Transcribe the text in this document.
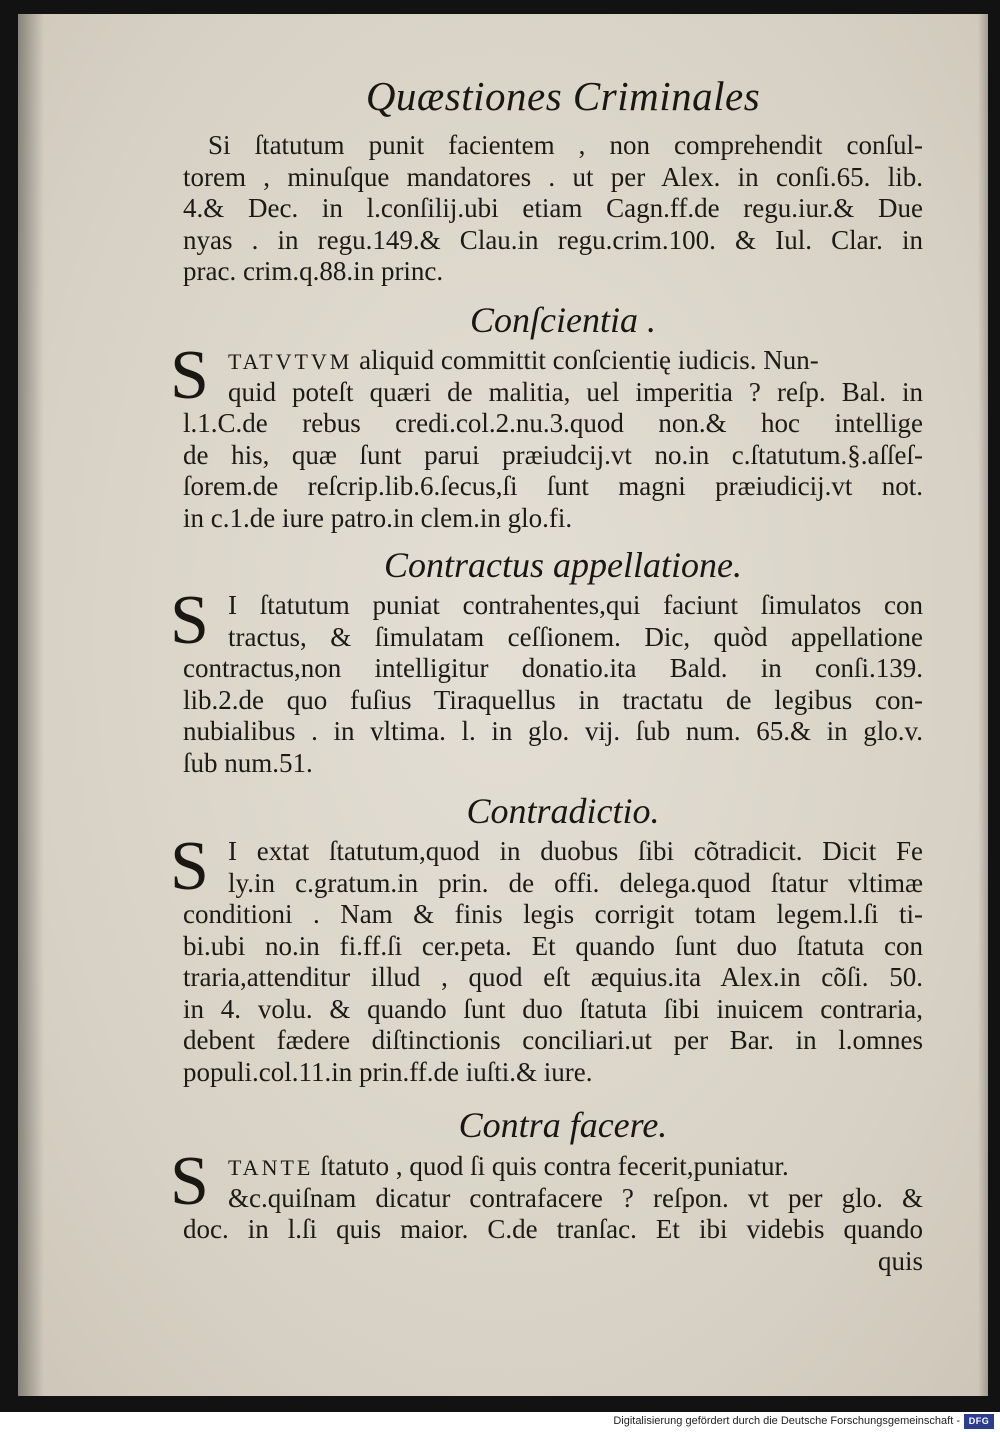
Quæstiones Criminales
Si ſtatutum punit facientem , non comprehendit conſul-
torem , minuſque mandatores . ut per Alex. in conſi.65. lib.
4.& Dec. in l.conſilij.ubi etiam Cagn.ff.de regu.iur.& Due
nyas . in regu.149.& Clau.in regu.crim.100. & Iul. Clar. in
prac. crim.q.88.in princ.
Conſcientia .
S TATVTVM aliquid committit conſcientię iudicis. Nun-
quid poteſt quæri de malitia, uel imperitia ? reſp. Bal. in
l.1.C.de rebus credi.col.2.nu.3.quod non.& hoc intellige
de his, quæ ſunt parui præiudcij.vt no.in c.ſtatutum.§.aſſeſ-
ſorem.de reſcrip.lib.6.ſecus,ſi ſunt magni præiudicij.vt not.
in c.1.de iure patro.in clem.in glo.fi.
Contractus appellatione.
S I ſtatutum puniat contrahentes,qui faciunt ſimulatos con
tractus, & ſimulatam ceſſionem. Dic, quòd appellatione
contractus,non intelligitur donatio.ita Bald. in conſi.139.
lib.2.de quo fuſius Tiraquellus in tractatu de legibus con-
nubialibus . in vltima. l. in glo. vij. ſub num. 65.& in glo.v.
ſub num.51.
Contradictio.
S I extat ſtatutum,quod in duobus ſibi cõtradicit. Dicit Fe
ly.in c.gratum.in prin. de offi. delega.quod ſtatur vltimæ
conditioni . Nam & finis legis corrigit totam legem.l.ſi ti-
bi.ubi no.in fi.ff.ſi cer.peta. Et quando ſunt duo ſtatuta con
traria,attenditur illud , quod eſt æquius.ita Alex.in cõſi. 50.
in 4. volu. & quando ſunt duo ſtatuta ſibi inuicem contraria,
debent fædere diſtinctionis conciliari.ut per Bar. in l.omnes
populi.col.11.in prin.ff.de iuſti.& iure.
Contra facere.
S TANTE ſtatuto , quod ſi quis contra fecerit,puniatur.
&c.quiſnam dicatur contrafacere ? reſpon. vt per glo. &
doc. in l.ſi quis maior. C.de tranſac. Et ibi videbis quando
quis
Digitalisierung gefördert durch die Deutsche Forschungsgemeinschaft - DFG
